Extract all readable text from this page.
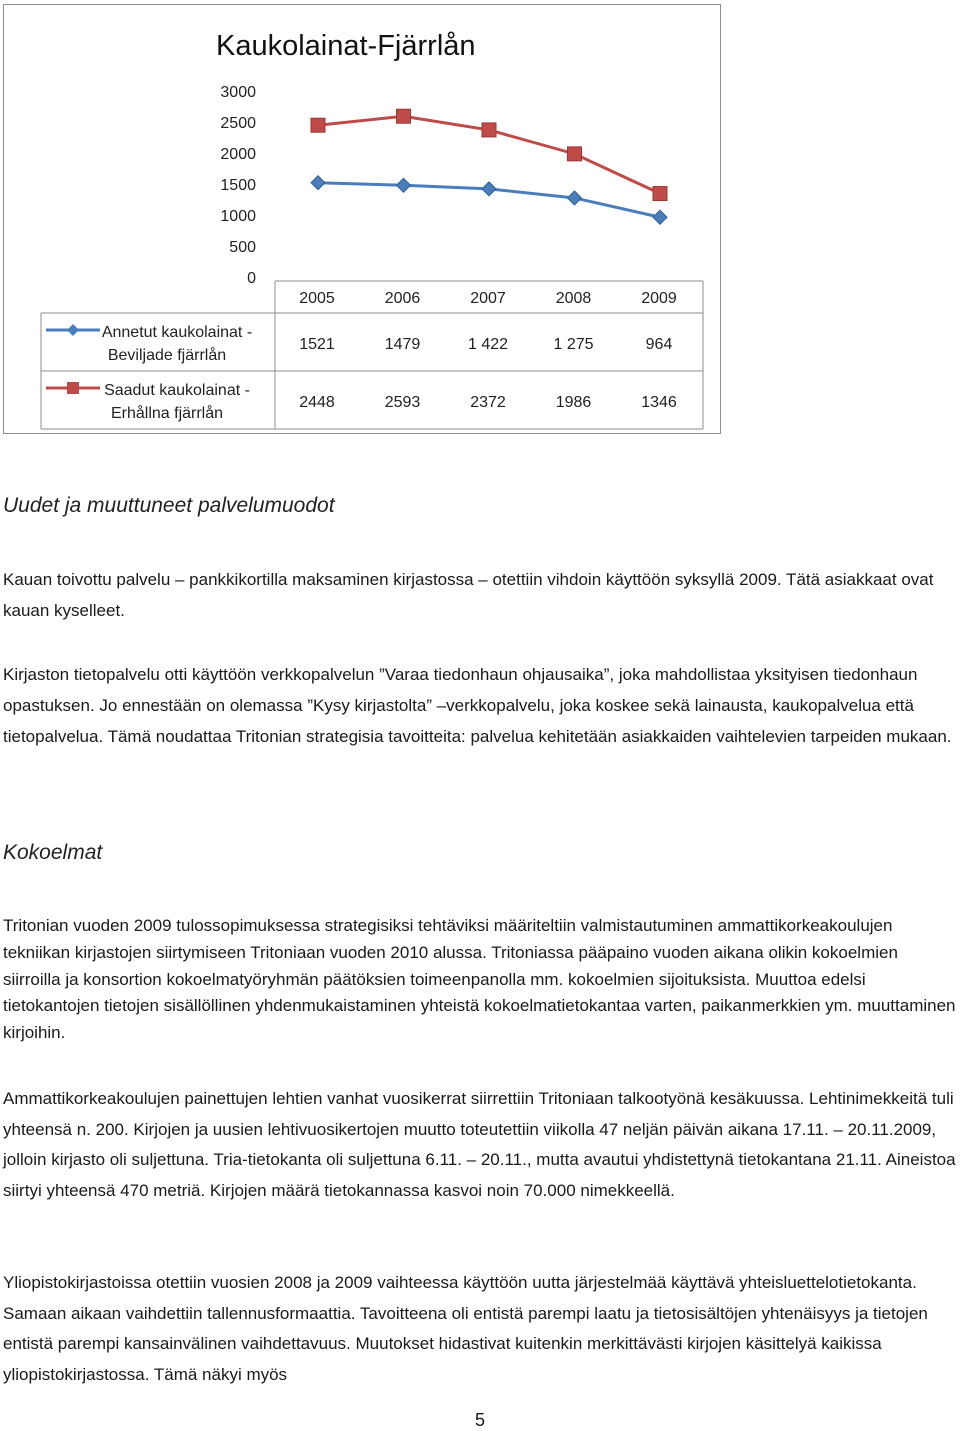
Kaukolainat-Fjärrlån
3000
2500
2000
1500
1000
500
0
2005	2006	2007	2008	2009
Annetut kaukolainat -
Beviljade fjärrlån
1521	1479	1 422	1 275	964
Saadut kaukolainat -
Erhållna fjärrlån
2448	2593	2372	1986	1346
Uudet ja muuttuneet palvelumuodot

Kauan toivottu palvelu – pankkikortilla maksaminen kirjastossa – otettiin vihdoin käyttöön syksyllä 2009. Tätä asiakkaat ovat kauan kyselleet.

Kirjaston tietopalvelu otti käyttöön verkkopalvelun ”Varaa tiedonhaun ohjausaika”, joka mahdollistaa yksityisen tiedonhaun opastuksen. Jo ennestään on olemassa ”Kysy kirjastolta” –verkkopalvelu, joka koskee sekä lainausta, kaukopalvelua että tietopalvelua. Tämä noudattaa Tritonian strategisia tavoitteita: palvelua kehitetään asiakkaiden vaihtelevien tarpeiden mukaan.

Kokoelmat

Tritonian vuoden 2009 tulossopimuksessa strategisiksi tehtäviksi määriteltiin valmistautuminen ammattikorkeakoulujen tekniikan kirjastojen siirtymiseen Tritoniaan vuoden 2010 alussa. Tritoniassa pääpaino vuoden aikana olikin kokoelmien siirroilla ja konsortion kokoelmatyöryhmän päätöksien toimeenpanolla mm. kokoelmien sijoituksista. Muuttoa edelsi tietokantojen tietojen sisällöllinen yhdenmukaistaminen yhteistä kokoelmatietokantaa varten, paikanmerkkien ym. muuttaminen kirjoihin.

Ammattikorkeakoulujen painettujen lehtien vanhat vuosikerrat siirrettiin Tritoniaan talkootyönä kesäkuussa. Lehtinimekkeitä tuli yhteensä n. 200. Kirjojen ja uusien lehtivuosikertojen muutto toteutettiin viikolla 47 neljän päivän aikana 17.11. – 20.11.2009, jolloin kirjasto oli suljettuna. Tria-tietokanta oli suljettuna 6.11. – 20.11., mutta avautui yhdistettynä tietokantana 21.11. Aineistoa siirtyi yhteensä 470 metriä. Kirjojen määrä tietokannassa kasvoi noin 70.000 nimekkeellä.

Yliopistokirjastoissa otettiin vuosien 2008 ja 2009 vaihteessa käyttöön uutta järjestelmää käyttävä yhteisluettelotietokanta. Samaan aikaan vaihdettiin tallennusformaattia. Tavoitteena oli entistä parempi laatu ja tietosisältöjen yhtenäisyys ja tietojen entistä parempi kansainvälinen vaihdettavuus. Muutokset hidastivat kuitenkin merkittävästi kirjojen käsittelyä kaikissa yliopistokirjastossa. Tämä näkyi myös

5
